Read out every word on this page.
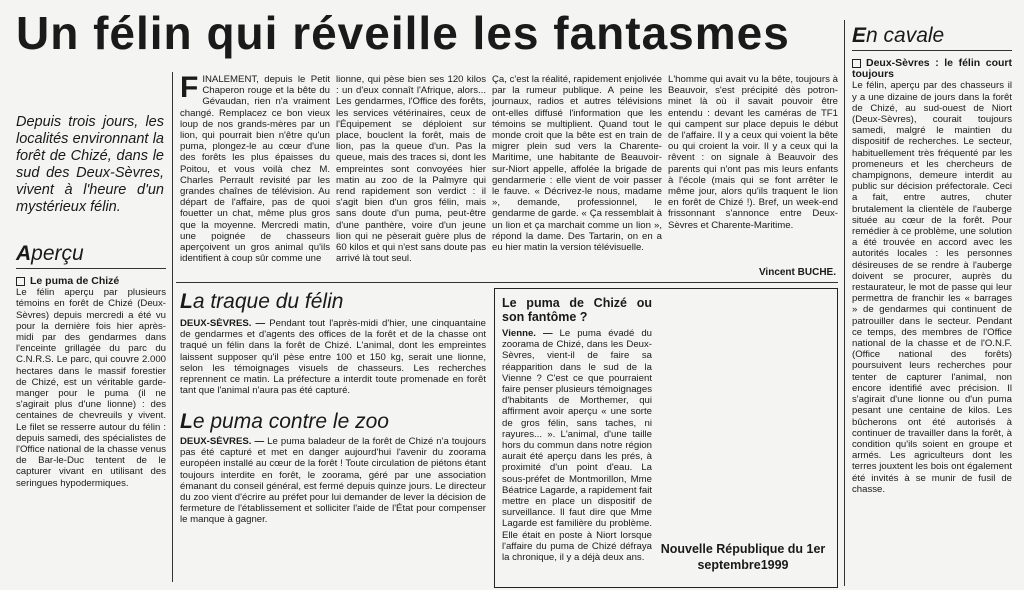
Un félin qui réveille les fantasmes
Depuis trois jours, les localités environnant la forêt de Chizé, dans le sud des Deux-Sèvres, vivent à l'heure d'un mystérieux félin.
Aperçu

Le puma de Chizé

Le félin aperçu par plusieurs témoins en forêt de Chizé (Deux-Sèvres) depuis mercredi a été vu pour la dernière fois hier après-midi par des gendarmes dans l'enceinte grillagée du parc du C.N.R.S. Le parc, qui couvre 2.000 hectares dans le massif forestier de Chizé, est un véritable garde-manger pour le puma (il ne s'agirait plus d'une lionne) : des centaines de chevreuils y vivent. Le filet se resserre autour du félin : depuis samedi, des spécialistes de l'Office national de la chasse venus de Bar-le-Duc tentent de le capturer vivant en utilisant des seringues hypodermiques.

FINALEMENT, depuis le Petit Chaperon rouge et la bête du Gévaudan, rien n'a vraiment changé. Remplacez ce bon vieux loup de nos grands-mères par un lion, qui pourrait bien n'être qu'un puma, plongez-le au cœur d'une des forêts les plus épaisses du Poitou, et vous voilà chez M. Charles Perrault revisité par les grandes chaînes de télévision. Au départ de l'affaire, pas de quoi fouetter un chat, même plus gros que la moyenne. Mercredi matin, une poignée de chasseurs aperçoivent un gros animal qu'ils identifient à coup sûr comme une
lionne, qui pèse bien ses 120 kilos : un d'eux connaît l'Afrique, alors... Les gendarmes, l'Office des forêts, les services vétérinaires, ceux de l'Équipement se déploient sur place, bouclent la forêt, mais de lion, pas la queue d'un. Pas la queue, mais des traces si, dont les empreintes sont convoyées hier matin au zoo de la Palmyre qui rend rapidement son verdict : il s'agit bien d'un gros félin, mais sans doute d'un puma, peut-être d'une panthère, voire d'un jeune lion qui ne pèserait guère plus de 60 kilos et qui n'est sans doute pas arrivé là tout seul.
Ça, c'est la réalité, rapidement enjolivée par la rumeur publique. A peine les journaux, radios et autres télévisions ont-elles diffusé l'information que les témoins se multiplient. Quand tout le monde croit que la bête est en train de migrer plein sud vers la Charente-Maritime, une habitante de Beauvoir-sur-Niort appelle, affolée la brigade de gendarmerie : elle vient de voir passer le fauve. « Décrivez-le nous, madame », demande, professionnel, le gendarme de garde. « Ça ressemblait à un lion et ça marchait comme un lion », répond la dame. Des Tartarin, on en a eu hier matin la version télévisuelle.
L'homme qui avait vu la bête, toujours à Beauvoir, s'est précipité dès potron-minet là où il savait pouvoir être entendu : devant les caméras de TF1 qui campent sur place depuis le début de l'affaire. Il y a ceux qui voient la bête ou qui croient la voir. Il y a ceux qui la rêvent : on signale à Beauvoir des parents qui n'ont pas mis leurs enfants à l'école (mais qui se font arrêter le même jour, alors qu'ils traquent le lion en forêt de Chizé !). Bref, un week-end frissonnant s'annonce entre Deux-Sèvres et Charente-Maritime.
Vincent BUCHE.
La traque du félin
DEUX-SÈVRES. — Pendant tout l'après-midi d'hier, une cinquantaine de gendarmes et d'agents des offices de la forêt et de la chasse ont traqué un félin dans la forêt de Chizé. L'animal, dont les empreintes laissent supposer qu'il pèse entre 100 et 150 kg, serait une lionne, selon les témoignages visuels de chasseurs. Les recherches reprennent ce matin. La préfecture a interdit toute promenade en forêt tant que l'animal n'aura pas été capturé.
Le puma contre le zoo
DEUX-SÈVRES. — Le puma baladeur de la forêt de Chizé n'a toujours pas été capturé et met en danger aujourd'hui l'avenir du zoorama européen installé au cœur de la forêt ! Toute circulation de piétons étant toujours interdite en forêt, le zoorama, géré par une association émanant du conseil général, est fermé depuis quinze jours. Le directeur du zoo vient d'écrire au préfet pour lui demander de lever la décision de fermeture de l'établissement et solliciter l'aide de l'État pour compenser le manque à gagner.

Le puma de Chizé ou son fantôme ?

Vienne. — Le puma évadé du zoorama de Chizé, dans les Deux-Sèvres, vient-il de faire sa réapparition dans le sud de la Vienne ? C'est ce que pourraient faire penser plusieurs témoignages d'habitants de Morthemer, qui affirment avoir aperçu « une sorte de gros félin, sans taches, ni rayures... ». L'animal, d'une taille hors du commun dans notre région aurait été aperçu dans les prés, à proximité d'un point d'eau. La sous-préfet de Montmorillon, Mme Béatrice Lagarde, a rapidement fait mettre en place un dispositif de surveillance. Il faut dire que Mme Lagarde est familière du problème. Elle était en poste à Niort lorsque l'affaire du puma de Chizé défraya la chronique, il y a déjà deux ans.

Nouvelle République du 1er septembre1999
En cavale

Deux-Sèvres : le félin court toujours

Le félin, aperçu par des chasseurs il y a une dizaine de jours dans la forêt de Chizé, au sud-ouest de Niort (Deux-Sèvres), courait toujours samedi, malgré le maintien du dispositif de recherches. Le secteur, habituellement très fréquenté par les promeneurs et les chercheurs de champignons, demeure interdit au public sur décision préfectorale. Ceci a fait, entre autres, chuter brutalement la clientèle de l'auberge située au cœur de la forêt. Pour remédier à ce problème, une solution a été trouvée en accord avec les autorités locales : les personnes désireuses de se rendre à l'auberge doivent se procurer, auprès du restaurateur, le mot de passe qui leur permettra de franchir les « barrages » de gendarmes qui continuent de patrouiller dans le secteur. Pendant ce temps, des membres de l'Office national de la chasse et de l'O.N.F. (Office national des forêts) poursuivent leurs recherches pour tenter de capturer l'animal, non encore identifié avec précision. Il s'agirait d'une lionne ou d'un puma pesant une centaine de kilos. Les bûcherons ont été autorisés à continuer de travailler dans la forêt, à condition qu'ils soient en groupe et armés. Les agriculteurs dont les terres jouxtent les bois ont également été invités à se munir de fusil de chasse.
